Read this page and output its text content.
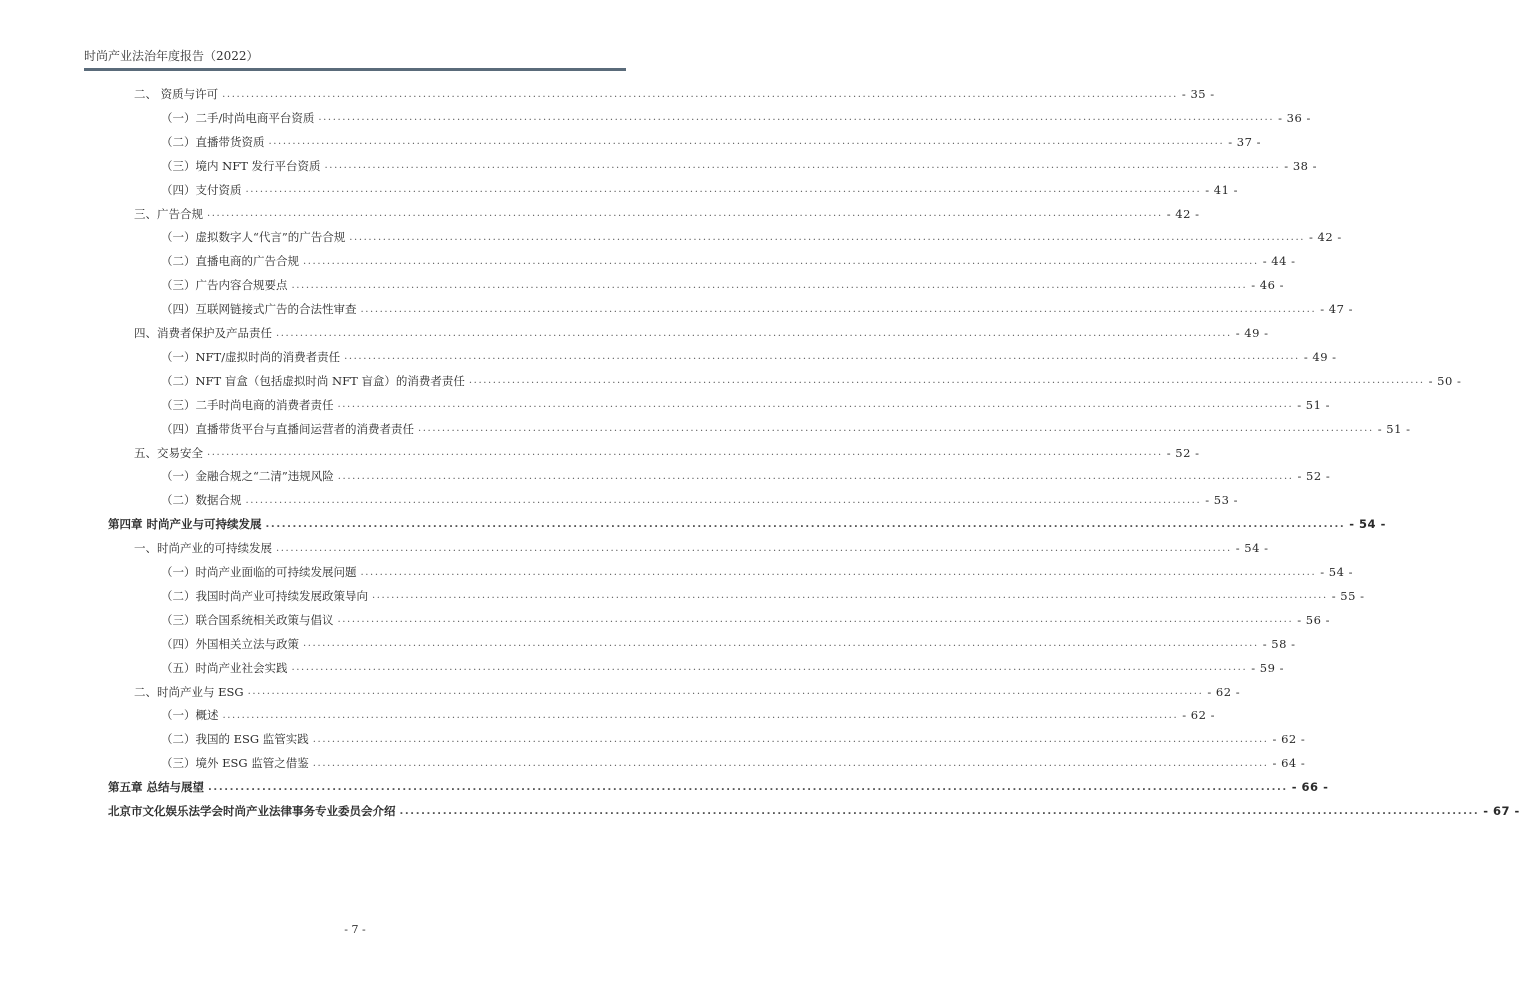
时尚产业法治年度报告（2022）
二、 资质与许可 ........................................................................................................................................................................................................ - 35 -
（一）二手/时尚电商平台资质 ........................................................................................................................................................................................................ - 36 -
（二）直播带货资质 ........................................................................................................................................................................................................ - 37 -
（三）境内 NFT 发行平台资质 ........................................................................................................................................................................................................ - 38 -
（四）支付资质 ........................................................................................................................................................................................................ - 41 -
三、广告合规 ........................................................................................................................................................................................................ - 42 -
（一）虚拟数字人“代言”的广告合规 ........................................................................................................................................................................................................ - 42 -
（二）直播电商的广告合规 ........................................................................................................................................................................................................ - 44 -
（三）广告内容合规要点 ........................................................................................................................................................................................................ - 46 -
（四）互联网链接式广告的合法性审查 ........................................................................................................................................................................................................ - 47 -
四、消费者保护及产品责任 ........................................................................................................................................................................................................ - 49 -
（一）NFT/虚拟时尚的消费者责任 ........................................................................................................................................................................................................ - 49 -
（二）NFT 盲盒（包括虚拟时尚 NFT 盲盒）的消费者责任 ........................................................................................................................................................................................................ - 50 -
（三）二手时尚电商的消费者责任 ........................................................................................................................................................................................................ - 51 -
（四）直播带货平台与直播间运营者的消费者责任 ........................................................................................................................................................................................................ - 51 -
五、交易安全 ........................................................................................................................................................................................................ - 52 -
（一）金融合规之“二清”违规风险 ........................................................................................................................................................................................................ - 52 -
（二）数据合规 ........................................................................................................................................................................................................ - 53 -
第四章 时尚产业与可持续发展 ........................................................................................................................................................................................................ - 54 -
一、时尚产业的可持续发展 ........................................................................................................................................................................................................ - 54 -
（一）时尚产业面临的可持续发展问题 ........................................................................................................................................................................................................ - 54 -
（二）我国时尚产业可持续发展政策导向 ........................................................................................................................................................................................................ - 55 -
（三）联合国系统相关政策与倡议 ........................................................................................................................................................................................................ - 56 -
（四）外国相关立法与政策 ........................................................................................................................................................................................................ - 58 -
（五）时尚产业社会实践 ........................................................................................................................................................................................................ - 59 -
二、时尚产业与 ESG ........................................................................................................................................................................................................ - 62 -
（一）概述 ........................................................................................................................................................................................................ - 62 -
（二）我国的 ESG 监管实践 ........................................................................................................................................................................................................ - 62 -
（三）境外 ESG 监管之借鉴 ........................................................................................................................................................................................................ - 64 -
第五章 总结与展望 ........................................................................................................................................................................................................ - 66 -
北京市文化娱乐法学会时尚产业法律事务专业委员会介绍 ........................................................................................................................................................................................................ - 67 -
- 7 -
